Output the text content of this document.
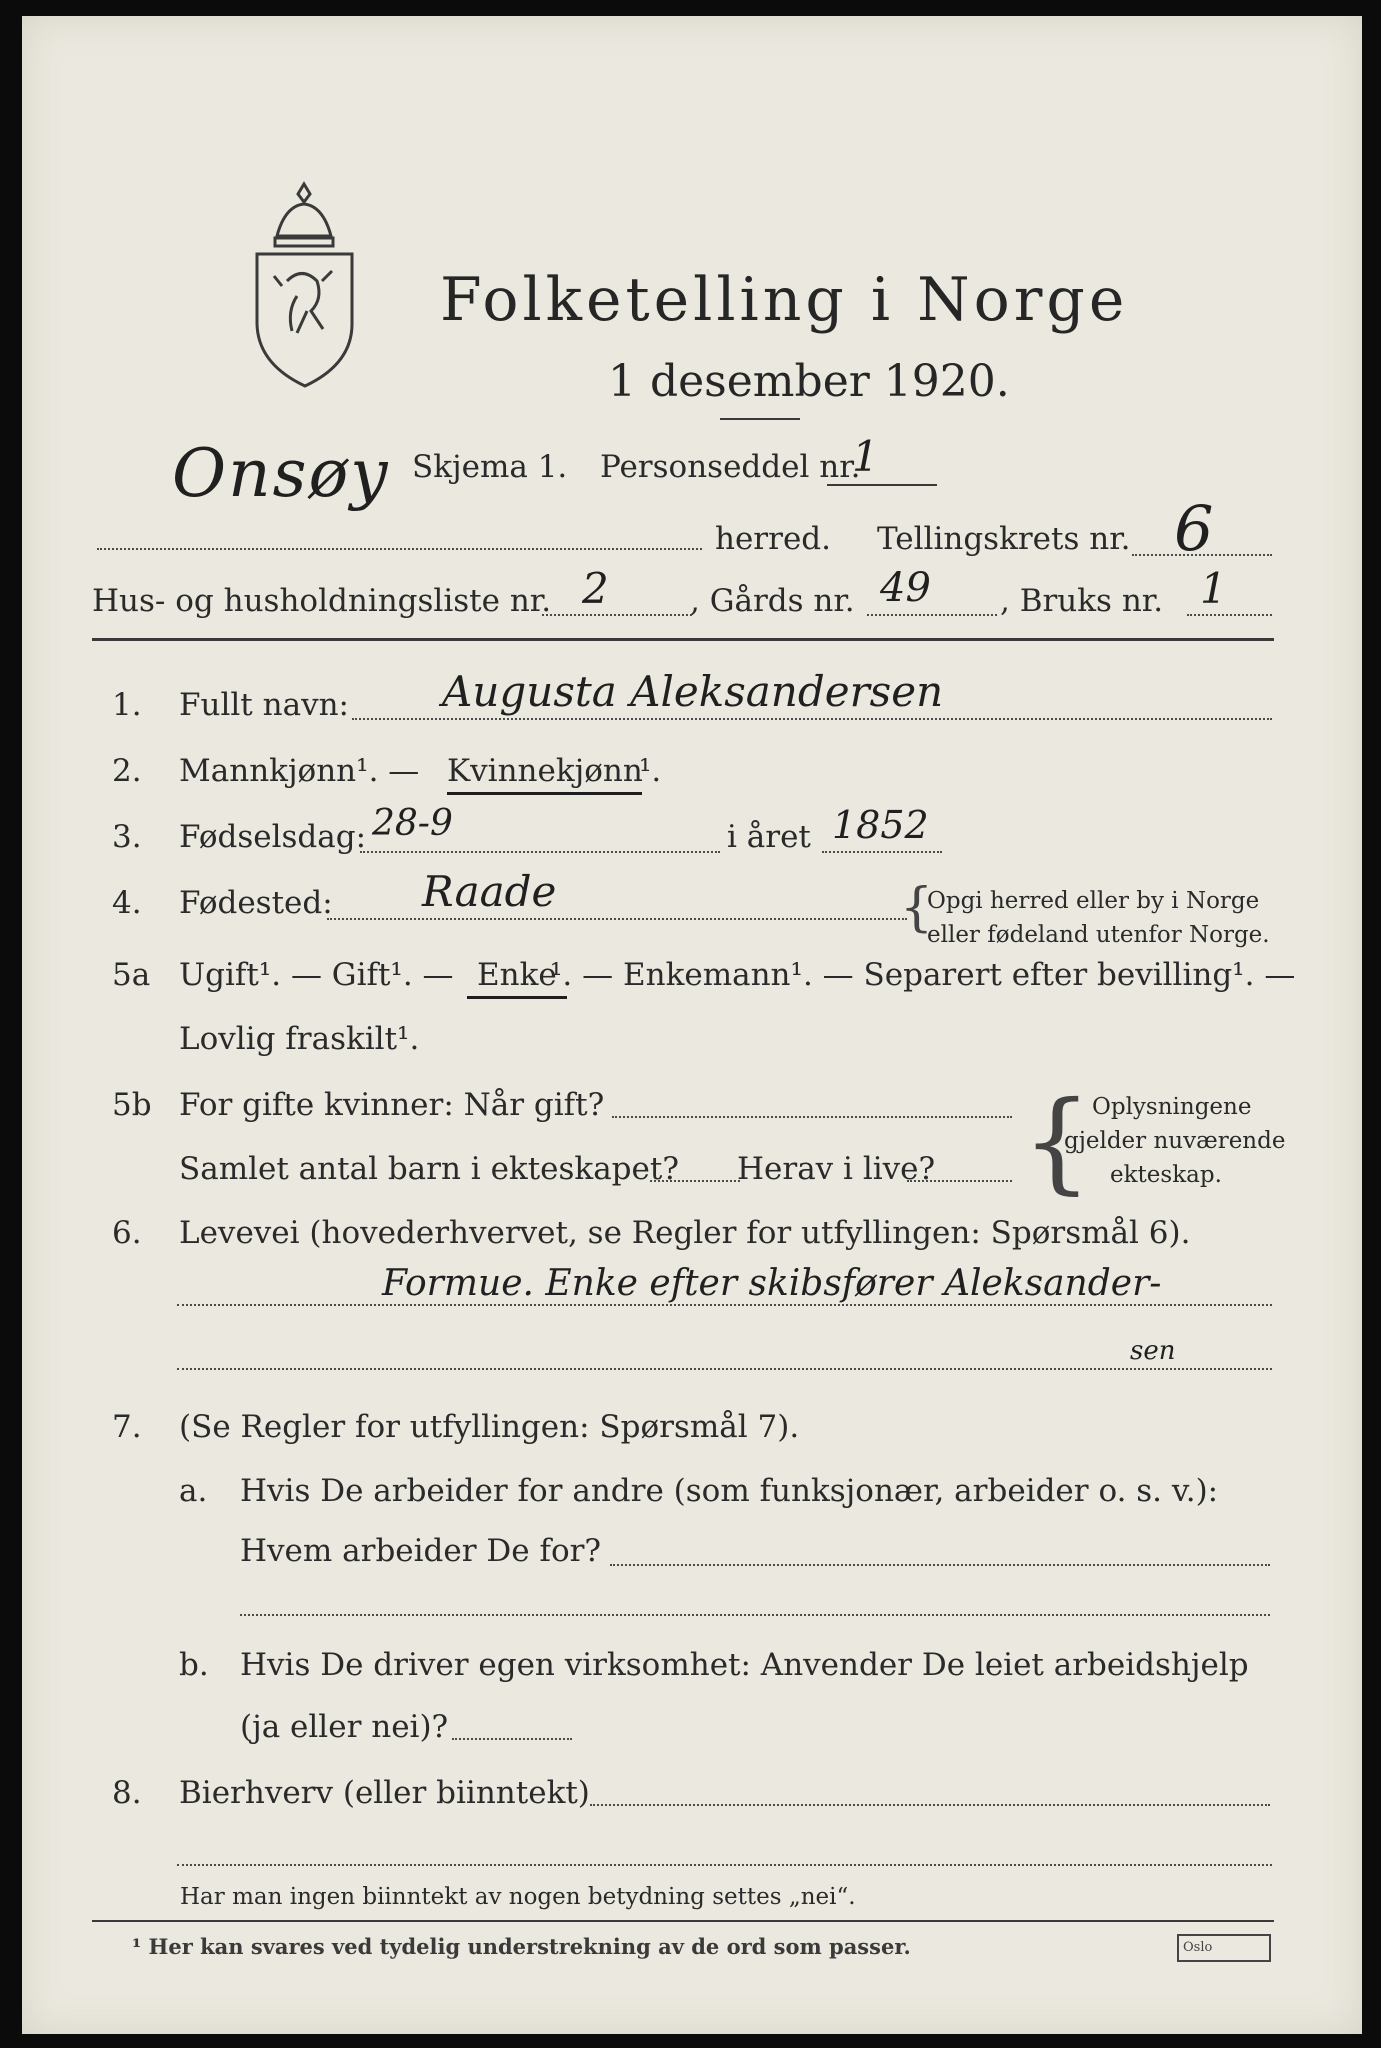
Folketelling i Norge
1 desember 1920.
Skjema 1. Personseddel nr.
1
Onsøy
herred. Tellingskrets nr. 6
Hus- og husholdningsliste nr. 2	, Gårds nr. 49 , Bruks nr. 1
1. Fullt navn: Augusta Aleksandersen
2. Mannkjønn¹. — Kvinnekjønn
¹.
3. Fødselsdag: 28-9	i året 1852
4. Fødested: Raade	{
Opgi herred eller by i Norge
eller fødeland utenfor Norge.
5a Ugift¹. — Gift¹. — Enke
¹. — Enkemann¹. — Separert efter bevilling¹. —
Lovlig fraskilt¹.
5b For gifte kvinner: Når gift?
Samlet antal barn i ekteskapet? Herav i live? { Oplysningene
gjelder nuværende
ekteskap.
6. Levevei (hovederhvervet, se Regler for utfyllingen: Spørsmål 6).
Formue. Enke efter skibsfører Aleksander-
sen
7. (Se Regler for utfyllingen: Spørsmål 7).
a. Hvis De arbeider for andre (som funksjonær, arbeider o. s. v.):
Hvem arbeider De for?
b. Hvis De driver egen virksomhet: Anvender De leiet arbeidshjelp
(ja eller nei)?
8. Bierhverv (eller biinntekt)
Har man ingen biinntekt av nogen betydning settes „nei“.
¹ Her kan svares ved tydelig understrekning av de ord som passer.	Oslo
